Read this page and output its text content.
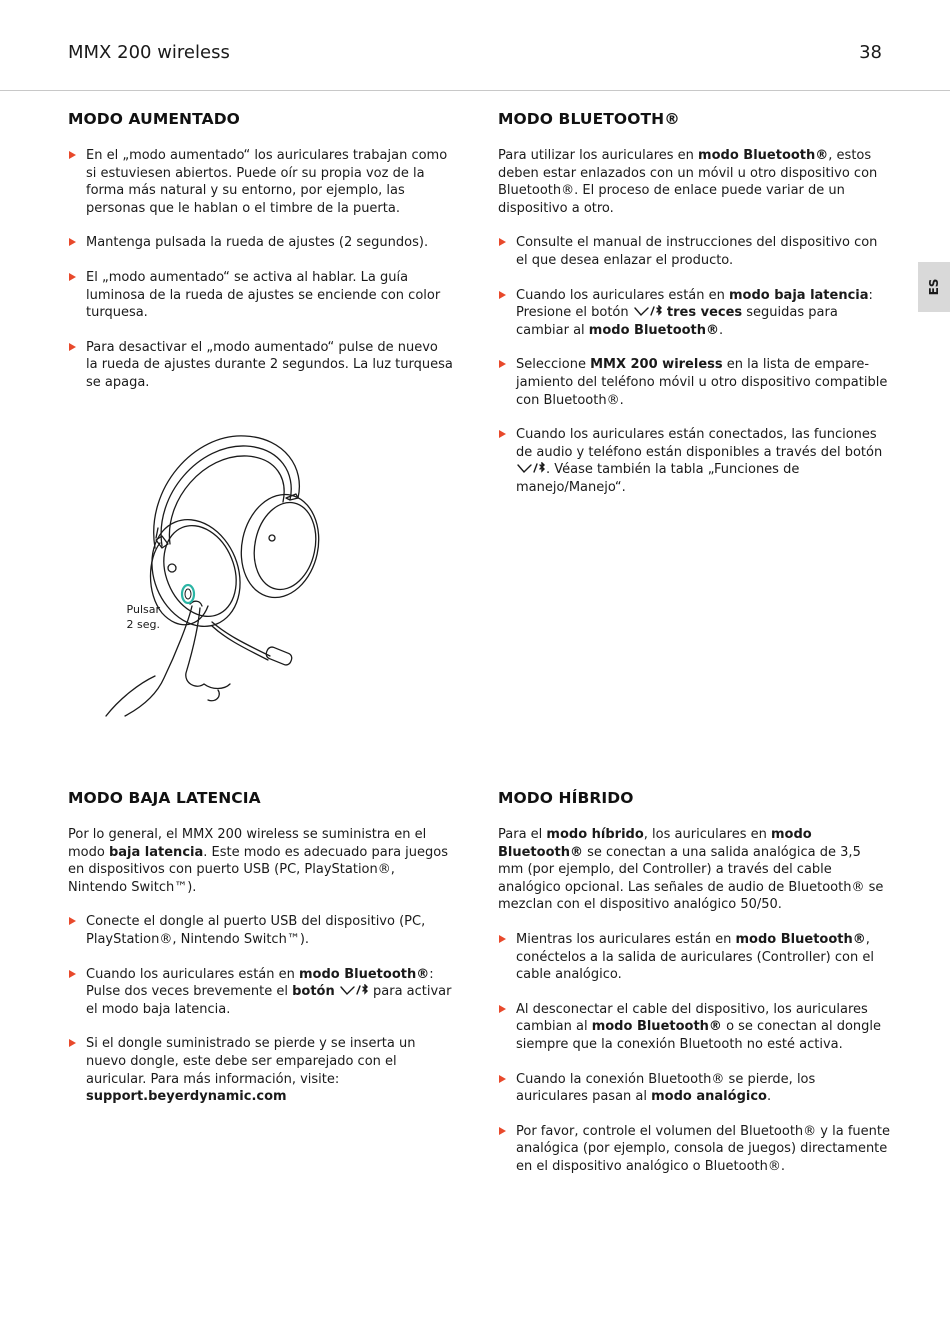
MMX 200 wireless	38
ES
MODO AUMENTADO
En el „modo aumentado“ los auriculares trabajan como si estuviesen abiertos. Puede oír su propia voz de la forma más natural y su entorno, por ejemplo, las personas que le hablan o el timbre de la puerta.
Mantenga pulsada la rueda de ajustes (2 segundos).
El „modo aumentado“ se activa al hablar. La guía luminosa de la rueda de ajustes se enciende con color turquesa.
Para desactivar el „modo aumentado“ pulse de nuevo la rueda de ajustes durante 2 segundos. La luz turquesa se apaga.
Pulsar
2 seg.
MODO BLUETOOTH®

Para utilizar los auriculares en modo Bluetooth®, estos deben estar enlazados con un móvil u otro dispositivo con Bluetooth®. El proceso de enlace puede variar de un dispositivo a otro.

Consulte el manual de instrucciones del dispositivo con el que desea enlazar el producto.
Cuando los auriculares están en modo baja latencia: Presione el botón	tres veces seguidas para cambiar al modo Bluetooth®.
Seleccione MMX 200 wireless en la lista de emparejamiento del teléfono móvil u otro dispositivo compatible con Bluetooth®.
Cuando los auriculares están conectados, las funciones de audio y teléfono están disponibles a través del botón . Véase también la tabla „Funciones de manejo/Manejo“.
MODO BAJA LATENCIA

Por lo general, el MMX 200 wireless se suministra en el modo baja latencia. Este modo es adecuado para juegos en dispositivos con puerto USB (PC, PlayStation®, Nintendo Switch™).

Conecte el dongle al puerto USB del dispositivo (PC, PlayStation®, Nintendo Switch™).
Cuando los auriculares están en modo Bluetooth®: Pulse dos veces brevemente el botón	para activar el modo baja latencia.
Si el dongle suministrado se pierde y se inserta un nuevo dongle, este debe ser emparejado con el auricular. Para más información, visite: support.beyerdynamic.com
MODO HÍBRIDO

Para el modo híbrido, los auriculares en modo Bluetooth® se conectan a una salida analógica de 3,5 mm (por ejemplo, del Controller) a través del cable analógico opcional. Las señales de audio de Bluetooth® se mezclan con el dispositivo analógico 50/50.

Mientras los auriculares están en modo Bluetooth®, conéctelos a la salida de auriculares (Controller) con el cable analógico.
Al desconectar el cable del dispositivo, los auriculares cambian al modo Bluetooth® o se conectan al dongle siempre que la conexión Bluetooth no esté activa.
Cuando la conexión Bluetooth® se pierde, los auriculares pasan al modo analógico.
Por favor, controle el volumen del Bluetooth® y la fuente analógica (por ejemplo, consola de juegos) directamente en el dispositivo analógico o Bluetooth®.
